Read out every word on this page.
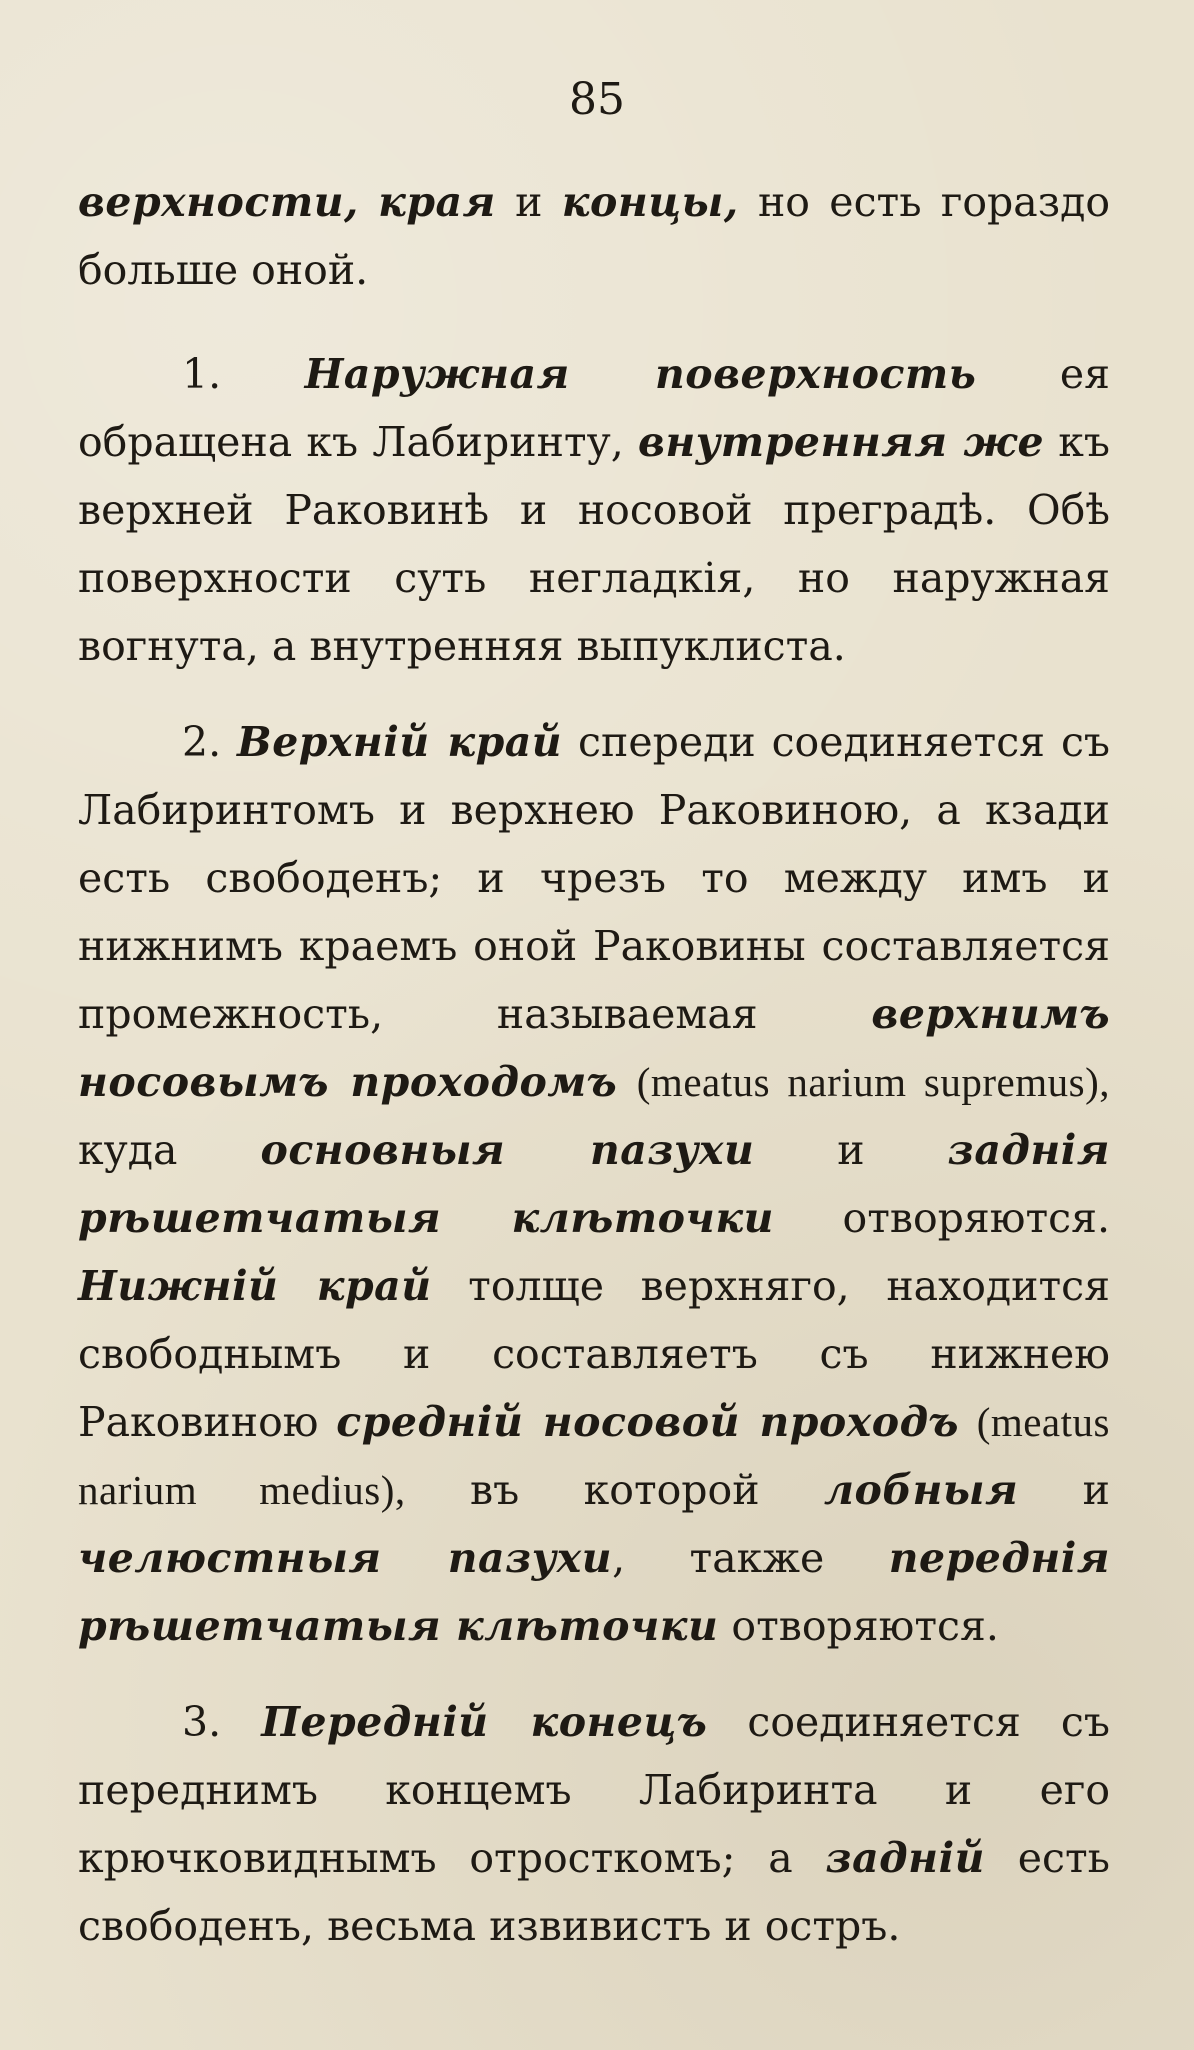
85

верхности, края и концы, но есть гораздо больше оной.

1. Наружная поверхность ея обращена къ Лабиринту, внутренняя же къ верхней Раковинѣ и носовой преградѣ. Обѣ поверхности суть негладкія, но наружная вогнута, а внутренняя выпуклиста.

2. Верхній край спереди соединяется съ Лабиринтомъ и верхнею Раковиною, а кзади есть свободенъ; и чрезъ то между имъ и нижнимъ краемъ оной Раковины составляется промежность, называемая	верхнимъ носовымъ проходомъ (meatus narium supremus), куда основныя пазухи и заднія рѣшетчатыя клѣточки отворяются. Нижній край толще верхняго, находится свободнымъ и составляетъ съ нижнею Раковиною средній носовой проходъ (meatus narium medius), въ которой лобныя и челюстныя пазухи, также переднія рѣшетчатыя клѣточки отворяются.

3. Передній конецъ соединяется съ переднимъ концемъ Лабиринта и его крючковиднымъ отросткомъ; а задній есть свободенъ, весьма извивистъ и остръ.
